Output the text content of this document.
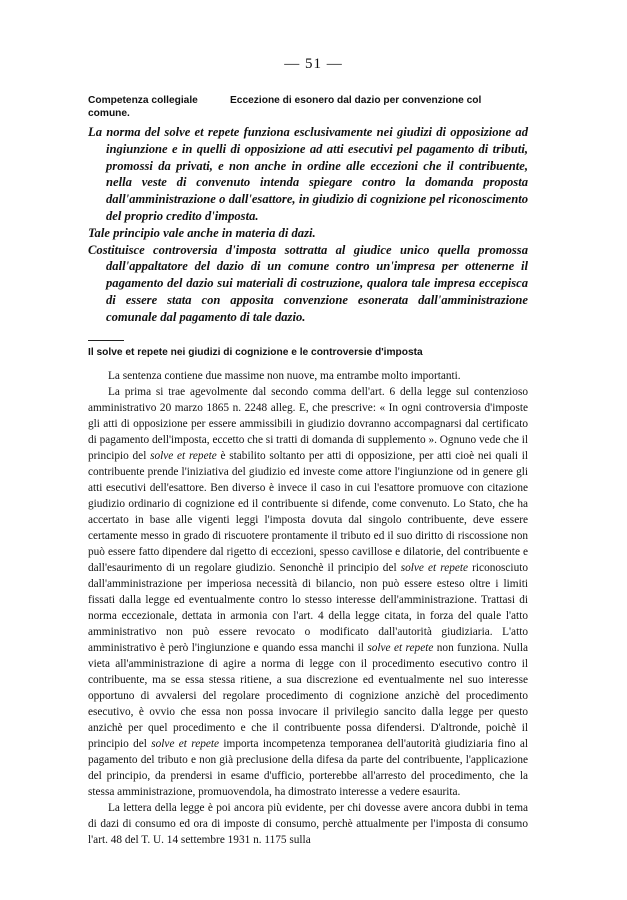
— 51 —
Competenza collegiale comune.
Eccezione di esonero dal dazio per convenzione col

La norma del solve et repete funziona esclusivamente nei giudizi di opposizione ad ingiunzione e in quelli di opposizione ad atti esecutivi pel pagamento di tributi, promossi da privati, e non anche in ordine alle eccezioni che il contribuente, nella veste di convenuto intenda spiegare contro la domanda proposta dall'amministrazione o dall'esattore, in giudizio di cognizione pel riconoscimento del proprio credito d'imposta.

Tale principio vale anche in materia di dazi.

Costituisce controversia d'imposta sottratta al giudice unico quella promossa dall'appaltatore del dazio di un comune contro un'impresa per ottenerne il pagamento del dazio sui materiali di costruzione, qualora tale impresa eccepisca di essere stata con apposita convenzione esonerata dall'amministrazione comunale dal pagamento di tale dazio.

Il solve et repete nei giudizi di cognizione e le controversie d'imposta

La sentenza contiene due massime non nuove, ma entrambe molto importanti.

La prima si trae agevolmente dal secondo comma dell'art. 6 della legge sul contenzioso amministrativo 20 marzo 1865 n. 2248 alleg. E, che prescrive: « In ogni controversia d'imposte gli atti di opposizione per essere ammissibili in giudizio dovranno accompagnarsi dal certificato di pagamento dell'imposta, eccetto che si tratti di domanda di supplemento ». Ognuno vede che il principio del solve et repete è stabilito soltanto per atti di opposizione, per atti cioè nei quali il contribuente prende l'iniziativa del giudizio ed investe come attore l'ingiunzione od in genere gli atti esecutivi dell'esattore. Ben diverso è invece il caso in cui l'esattore promuove con citazione giudizio ordinario di cognizione ed il contribuente si difende, come convenuto. Lo Stato, che ha accertato in base alle vigenti leggi l'imposta dovuta dal singolo contribuente, deve essere certamente messo in grado di riscuotere prontamente il tributo ed il suo diritto di riscossione non può essere fatto dipendere dal rigetto di eccezioni, spesso cavillose e dilatorie, del contribuente e dall'esaurimento di un regolare giudizio. Senonchè il principio del solve et repete riconosciuto dall'amministrazione per imperiosa necessità di bilancio, non può essere esteso oltre i limiti fissati dalla legge ed eventualmente contro lo stesso interesse dell'amministrazione. Trattasi di norma eccezionale, dettata in armonia con l'art. 4 della legge citata, in forza del quale l'atto amministrativo non può essere revocato o modificato dall'autorità giudiziaria. L'atto amministrativo è però l'ingiunzione e quando essa manchi il solve et repete non funziona. Nulla vieta all'amministrazione di agire a norma di legge con il procedimento esecutivo contro il contribuente, ma se essa stessa ritiene, a sua discrezione ed eventualmente nel suo interesse opportuno di avvalersi del regolare procedimento di cognizione anzichè del procedimento esecutivo, è ovvio che essa non possa invocare il privilegio sancito dalla legge per questo anzichè per quel procedimento e che il contribuente possa difendersi. D'altronde, poichè il principio del solve et repete importa incompetenza temporanea dell'autorità giudiziaria fino al pagamento del tributo e non già preclusione della difesa da parte del contribuente, l'applicazione del principio, da prendersi in esame d'ufficio, porterebbe all'arresto del procedimento, che la stessa amministrazione, promuovendola, ha dimostrato interesse a vedere esaurita.

La lettera della legge è poi ancora più evidente, per chi dovesse avere ancora dubbi in tema di dazi di consumo ed ora di imposte di consumo, perchè attualmente per l'imposta di consumo l'art. 48 del T. U. 14 settembre 1931 n. 1175 sulla
